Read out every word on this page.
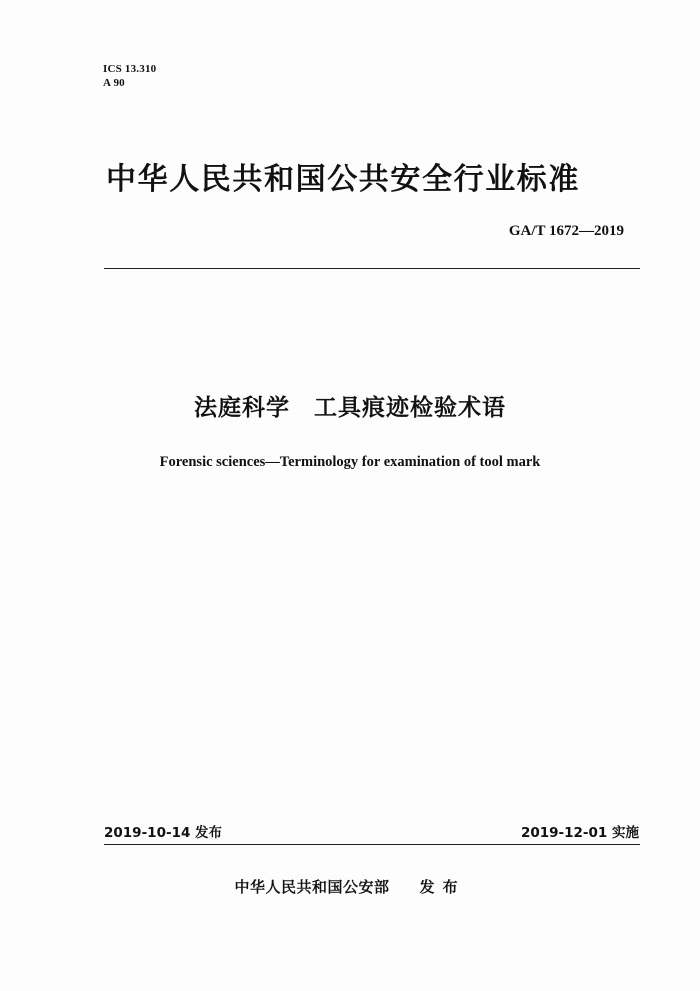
ICS 13.310
A 90
中华人民共和国公共安全行业标准
GA/T 1672—2019
法庭科学　工具痕迹检验术语
Forensic sciences—Terminology for examination of tool mark
2019-10-14 发布	2019-12-01 实施
中华人民共和国公安部 发布
